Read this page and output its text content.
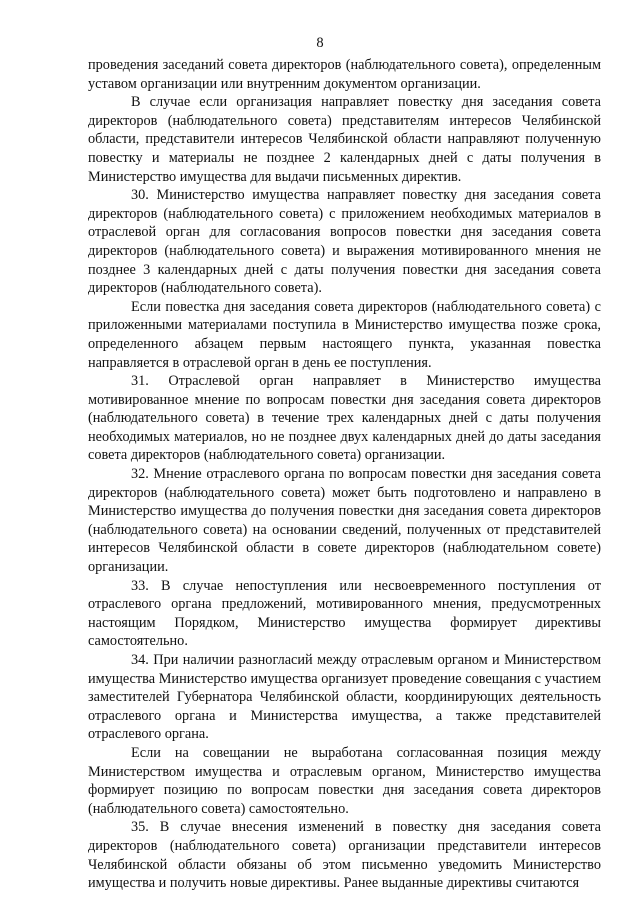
8

проведения заседаний совета директоров (наблюдательного совета), определенным уставом организации или внутренним документом организации.

В случае если организация направляет повестку дня заседания совета директоров (наблюдательного совета) представителям интересов Челябинской области, представители интересов Челябинской области направляют полученную повестку и материалы не позднее 2 календарных дней с даты получения в Министерство имущества для выдачи письменных директив.

30. Министерство имущества направляет повестку дня заседания совета директоров (наблюдательного совета) с приложением необходимых материалов в отраслевой орган для согласования вопросов повестки дня заседания совета директоров (наблюдательного совета) и выражения мотивированного мнения не позднее 3 календарных дней с даты получения повестки дня заседания совета директоров (наблюдательного совета).

Если повестка дня заседания совета директоров (наблюдательного совета) с приложенными материалами поступила в Министерство имущества позже срока, определенного абзацем первым настоящего пункта, указанная повестка направляется в отраслевой орган в день ее поступления.

31. Отраслевой орган направляет в Министерство имущества мотивированное мнение по вопросам повестки дня заседания совета директоров (наблюдательного совета) в течение трех календарных дней с даты получения необходимых материалов, но не позднее двух календарных дней до даты заседания совета директоров (наблюдательного совета) организации.

32. Мнение отраслевого органа по вопросам повестки дня заседания совета директоров (наблюдательного совета) может быть подготовлено и направлено в Министерство имущества до получения повестки дня заседания совета директоров (наблюдательного совета) на основании сведений, полученных от представителей интересов Челябинской области в совете директоров (наблюдательном совете) организации.

33. В случае непоступления или несвоевременного поступления от отраслевого органа предложений, мотивированного мнения, предусмотренных настоящим Порядком, Министерство имущества формирует директивы самостоятельно.

34. При наличии разногласий между отраслевым органом и Министерством имущества Министерство имущества организует проведение совещания с участием заместителей Губернатора Челябинской области, координирующих деятельность отраслевого органа и Министерства имущества, а также представителей отраслевого органа.

Если на совещании не выработана согласованная позиция между Министерством имущества и отраслевым органом, Министерство имущества формирует позицию по вопросам повестки дня заседания совета директоров (наблюдательного совета) самостоятельно.

35. В случае внесения изменений в повестку дня заседания совета директоров (наблюдательного совета) организации представители интересов Челябинской области обязаны об этом письменно уведомить Министерство имущества и получить новые директивы. Ранее выданные директивы считаются
